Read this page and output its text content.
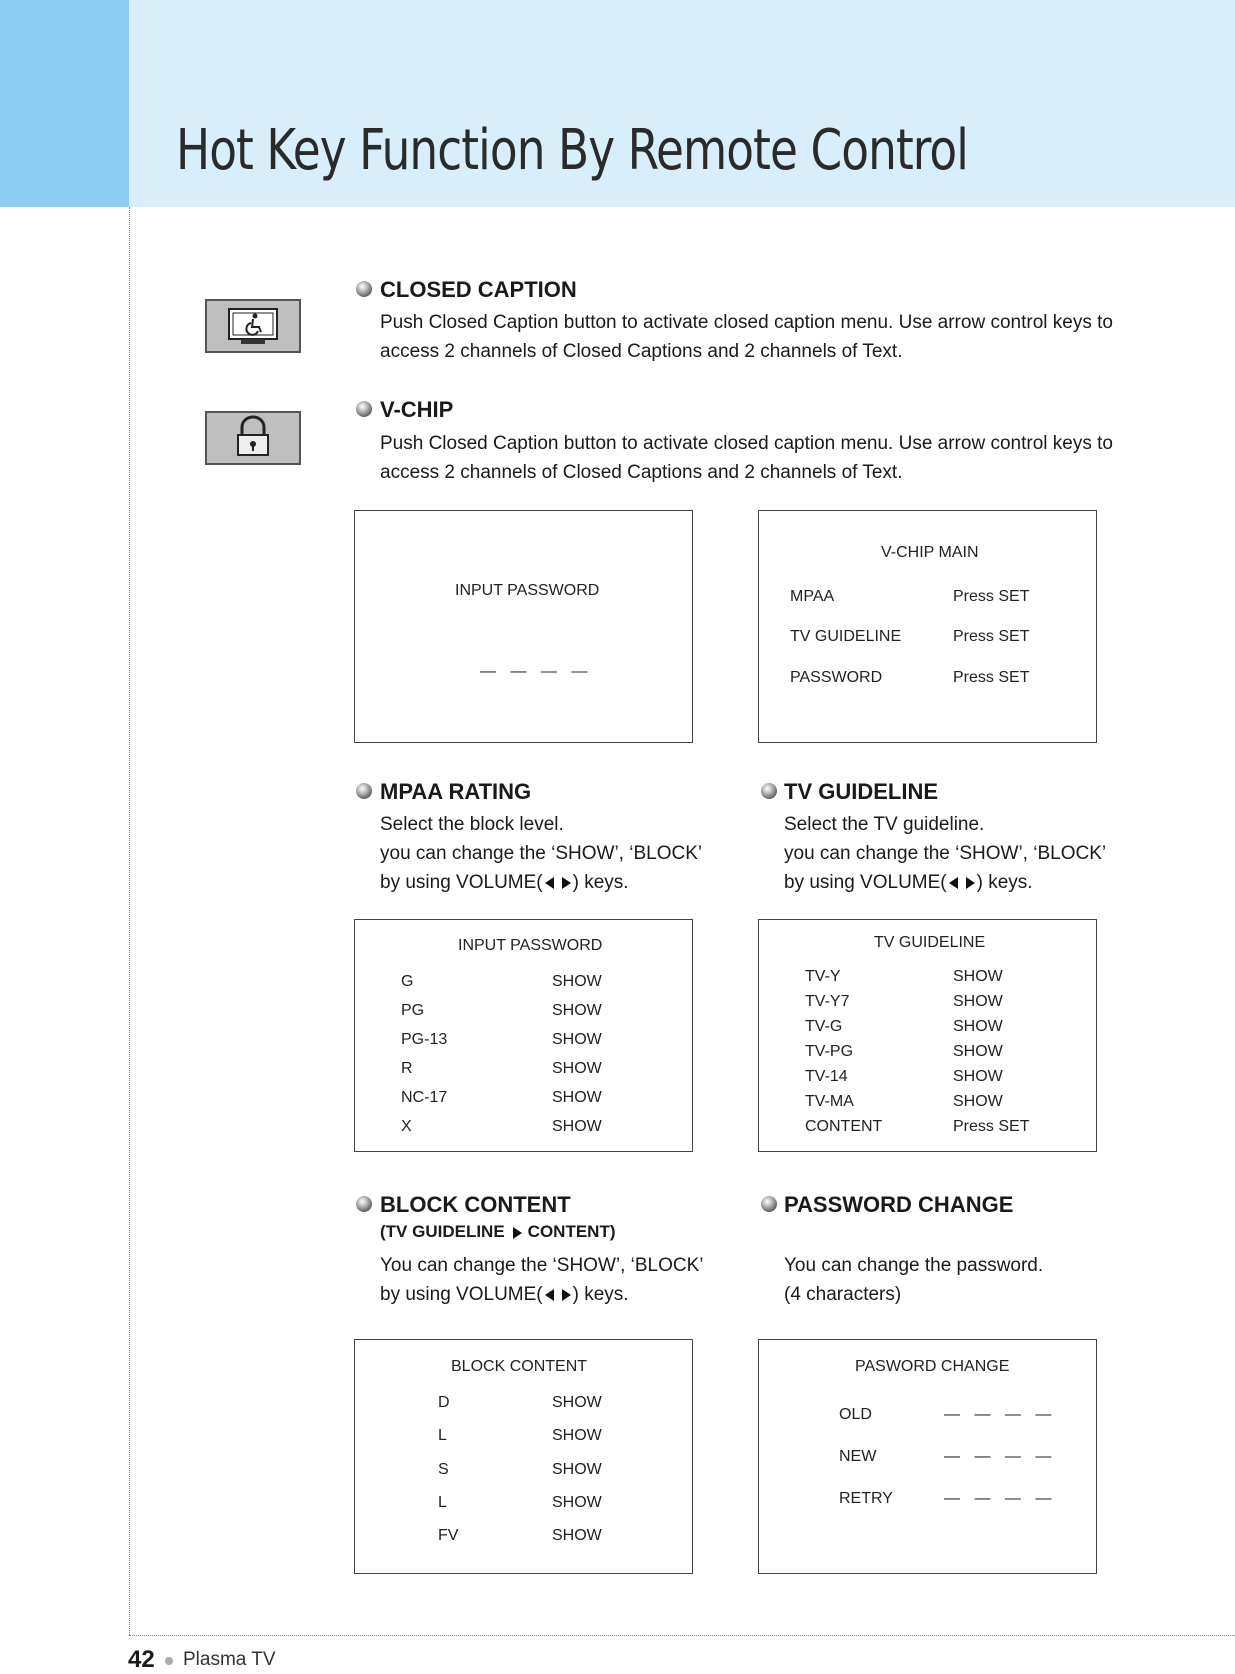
Hot Key Function By Remote Control
CLOSED CAPTION
Push Closed Caption button to activate closed caption menu. Use arrow control keys to
access 2 channels of Closed Captions and 2 channels of Text.
V-CHIP
Push Closed Caption button to activate closed caption menu. Use arrow control keys to
access 2 channels of Closed Captions and 2 channels of Text.
INPUT PASSWORD
— — — —
V-CHIP MAIN
MPAA	Press SET
TV GUIDELINE	Press SET
PASSWORD	Press SET
MPAA RATING
Select the block level.
you can change the ‘SHOW’, ‘BLOCK’
by using VOLUME( ) keys.
TV GUIDELINE
Select the TV guideline.
you can change the ‘SHOW’, ‘BLOCK’
by using VOLUME( ) keys.
INPUT PASSWORD
G	SHOW
PG	SHOW
PG-13	SHOW
R	SHOW
NC-17	SHOW
X	SHOW
TV GUIDELINE
TV-Y	SHOW
TV-Y7	SHOW
TV-G	SHOW
TV-PG	SHOW
TV-14	SHOW
TV-MA	SHOW
CONTENT	Press SET
BLOCK CONTENT
(TV GUIDELINE CONTENT)
You can change the ‘SHOW’, ‘BLOCK’
by using VOLUME( ) keys.
PASSWORD CHANGE
You can change the password.
(4 characters)
BLOCK CONTENT
D	SHOW
L	SHOW
S	SHOW
L	SHOW
FV	SHOW
PASWORD CHANGE
OLD	— — — —
NEW	— — — —
RETRY	— — — —
42 Plasma TV
